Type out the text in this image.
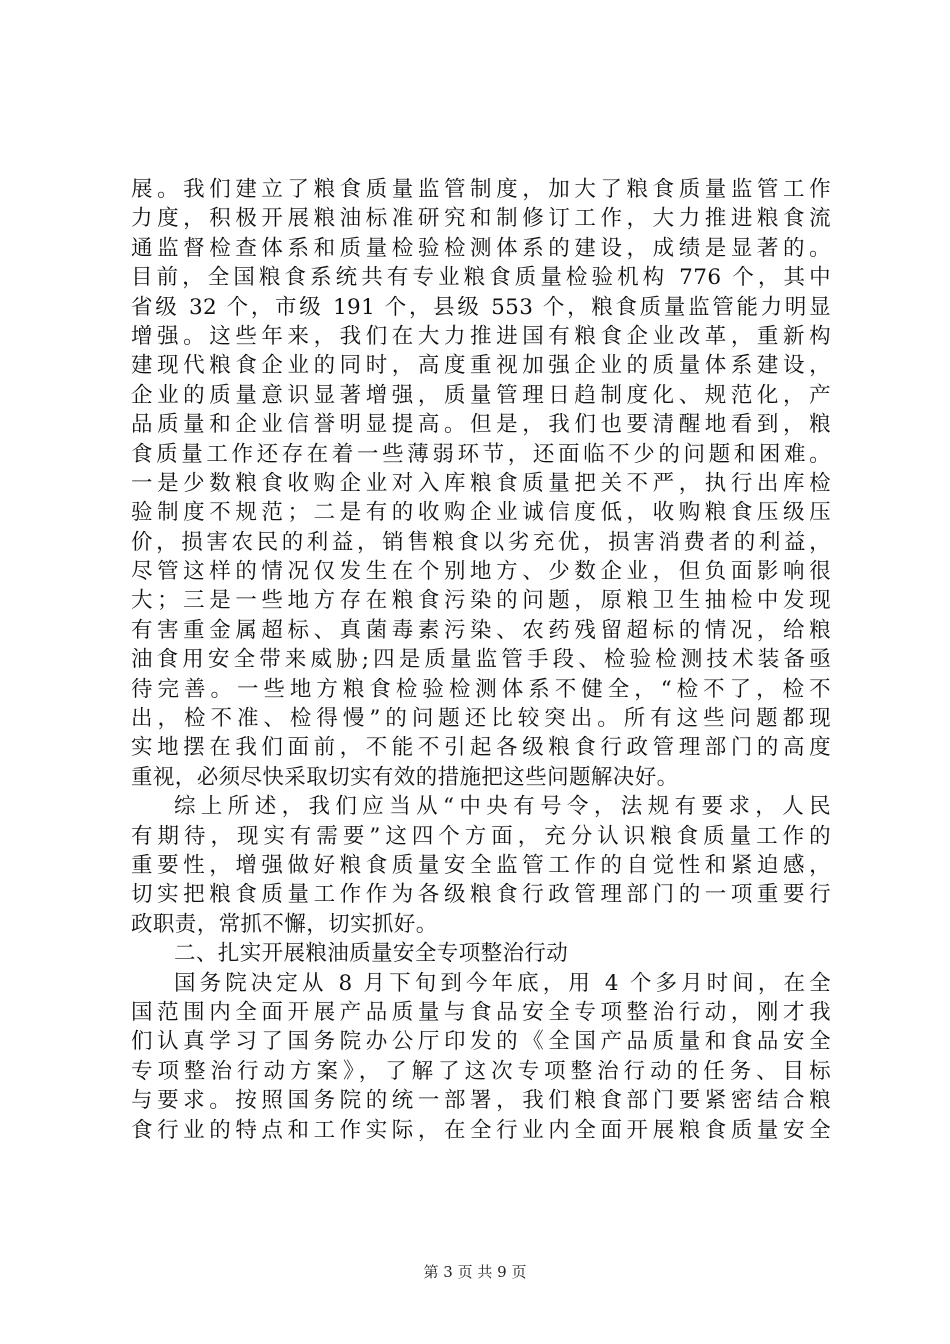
展。我们建立了粮食质量监管制度，加大了粮食质量监管工作
力度，积极开展粮油标准研究和制修订工作，大力推进粮食流
通监督检查体系和质量检验检测体系的建设，成绩是显著的。
目前，全国粮食系统共有专业粮食质量检验机构 776 个，其中
省级 32 个，市级 191 个，县级 553 个，粮食质量监管能力明显
增强。这些年来，我们在大力推进国有粮食企业改革，重新构
建现代粮食企业的同时，高度重视加强企业的质量体系建设，
企业的质量意识显著增强，质量管理日趋制度化、规范化，产
品质量和企业信誉明显提高。但是，我们也要清醒地看到，粮
食质量工作还存在着一些薄弱环节，还面临不少的问题和困难。
一是少数粮食收购企业对入库粮食质量把关不严，执行出库检
验制度不规范；二是有的收购企业诚信度低，收购粮食压级压
价，损害农民的利益，销售粮食以劣充优，损害消费者的利益，
尽管这样的情况仅发生在个别地方、少数企业，但负面影响很
大；三是一些地方存在粮食污染的问题，原粮卫生抽检中发现
有害重金属超标、真菌毒素污染、农药残留超标的情况，给粮
油食用安全带来威胁;四是质量监管手段、检验检测技术装备亟
待完善。一些地方粮食检验检测体系不健全，“检不了，检不
出，检不准、检得慢”的问题还比较突出。所有这些问题都现
实地摆在我们面前，不能不引起各级粮食行政管理部门的高度
重视，必须尽快采取切实有效的措施把这些问题解决好。
综上所述，我们应当从“中央有号令，法规有要求，人民
有期待，现实有需要”这四个方面，充分认识粮食质量工作的
重要性，增强做好粮食质量安全监管工作的自觉性和紧迫感，
切实把粮食质量工作作为各级粮食行政管理部门的一项重要行
政职责，常抓不懈，切实抓好。
二、扎实开展粮油质量安全专项整治行动
国务院决定从 8 月下旬到今年底，用 4 个多月时间，在全
国范围内全面开展产品质量与食品安全专项整治行动，刚才我
们认真学习了国务院办公厅印发的《全国产品质量和食品安全
专项整治行动方案》，了解了这次专项整治行动的任务、目标
与要求。按照国务院的统一部署，我们粮食部门要紧密结合粮
食行业的特点和工作实际，在全行业内全面开展粮食质量安全
第 3 页 共 9 页
